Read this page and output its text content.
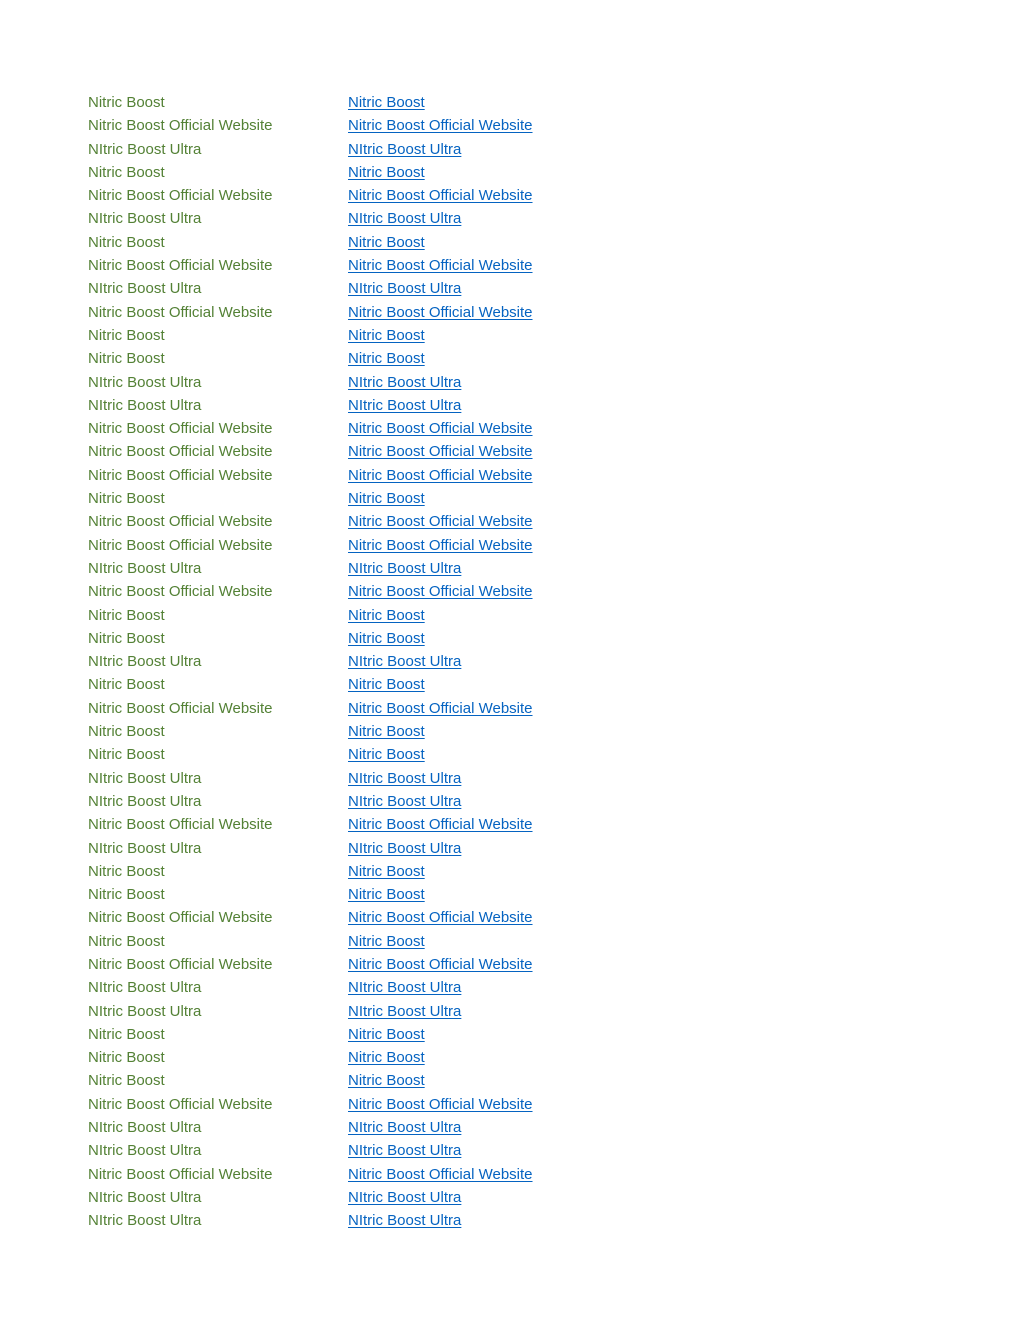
Nitric Boost	Nitric Boost
Nitric Boost Official Website	Nitric Boost Official Website
NItric Boost Ultra	NItric Boost Ultra
Nitric Boost	Nitric Boost
Nitric Boost Official Website	Nitric Boost Official Website
NItric Boost Ultra	NItric Boost Ultra
Nitric Boost	Nitric Boost
Nitric Boost Official Website	Nitric Boost Official Website
NItric Boost Ultra	NItric Boost Ultra
Nitric Boost Official Website	Nitric Boost Official Website
Nitric Boost	Nitric Boost
Nitric Boost	Nitric Boost
NItric Boost Ultra	NItric Boost Ultra
NItric Boost Ultra	NItric Boost Ultra
Nitric Boost Official Website	Nitric Boost Official Website
Nitric Boost Official Website	Nitric Boost Official Website
Nitric Boost Official Website	Nitric Boost Official Website
Nitric Boost	Nitric Boost
Nitric Boost Official Website	Nitric Boost Official Website
Nitric Boost Official Website	Nitric Boost Official Website
NItric Boost Ultra	NItric Boost Ultra
Nitric Boost Official Website	Nitric Boost Official Website
Nitric Boost	Nitric Boost
Nitric Boost	Nitric Boost
NItric Boost Ultra	NItric Boost Ultra
Nitric Boost	Nitric Boost
Nitric Boost Official Website	Nitric Boost Official Website
Nitric Boost	Nitric Boost
Nitric Boost	Nitric Boost
NItric Boost Ultra	NItric Boost Ultra
NItric Boost Ultra	NItric Boost Ultra
Nitric Boost Official Website	Nitric Boost Official Website
NItric Boost Ultra	NItric Boost Ultra
Nitric Boost	Nitric Boost
Nitric Boost	Nitric Boost
Nitric Boost Official Website	Nitric Boost Official Website
Nitric Boost	Nitric Boost
Nitric Boost Official Website	Nitric Boost Official Website
NItric Boost Ultra	NItric Boost Ultra
NItric Boost Ultra	NItric Boost Ultra
Nitric Boost	Nitric Boost
Nitric Boost	Nitric Boost
Nitric Boost	Nitric Boost
Nitric Boost Official Website	Nitric Boost Official Website
NItric Boost Ultra	NItric Boost Ultra
NItric Boost Ultra	NItric Boost Ultra
Nitric Boost Official Website	Nitric Boost Official Website
NItric Boost Ultra	NItric Boost Ultra
NItric Boost Ultra	NItric Boost Ultra
